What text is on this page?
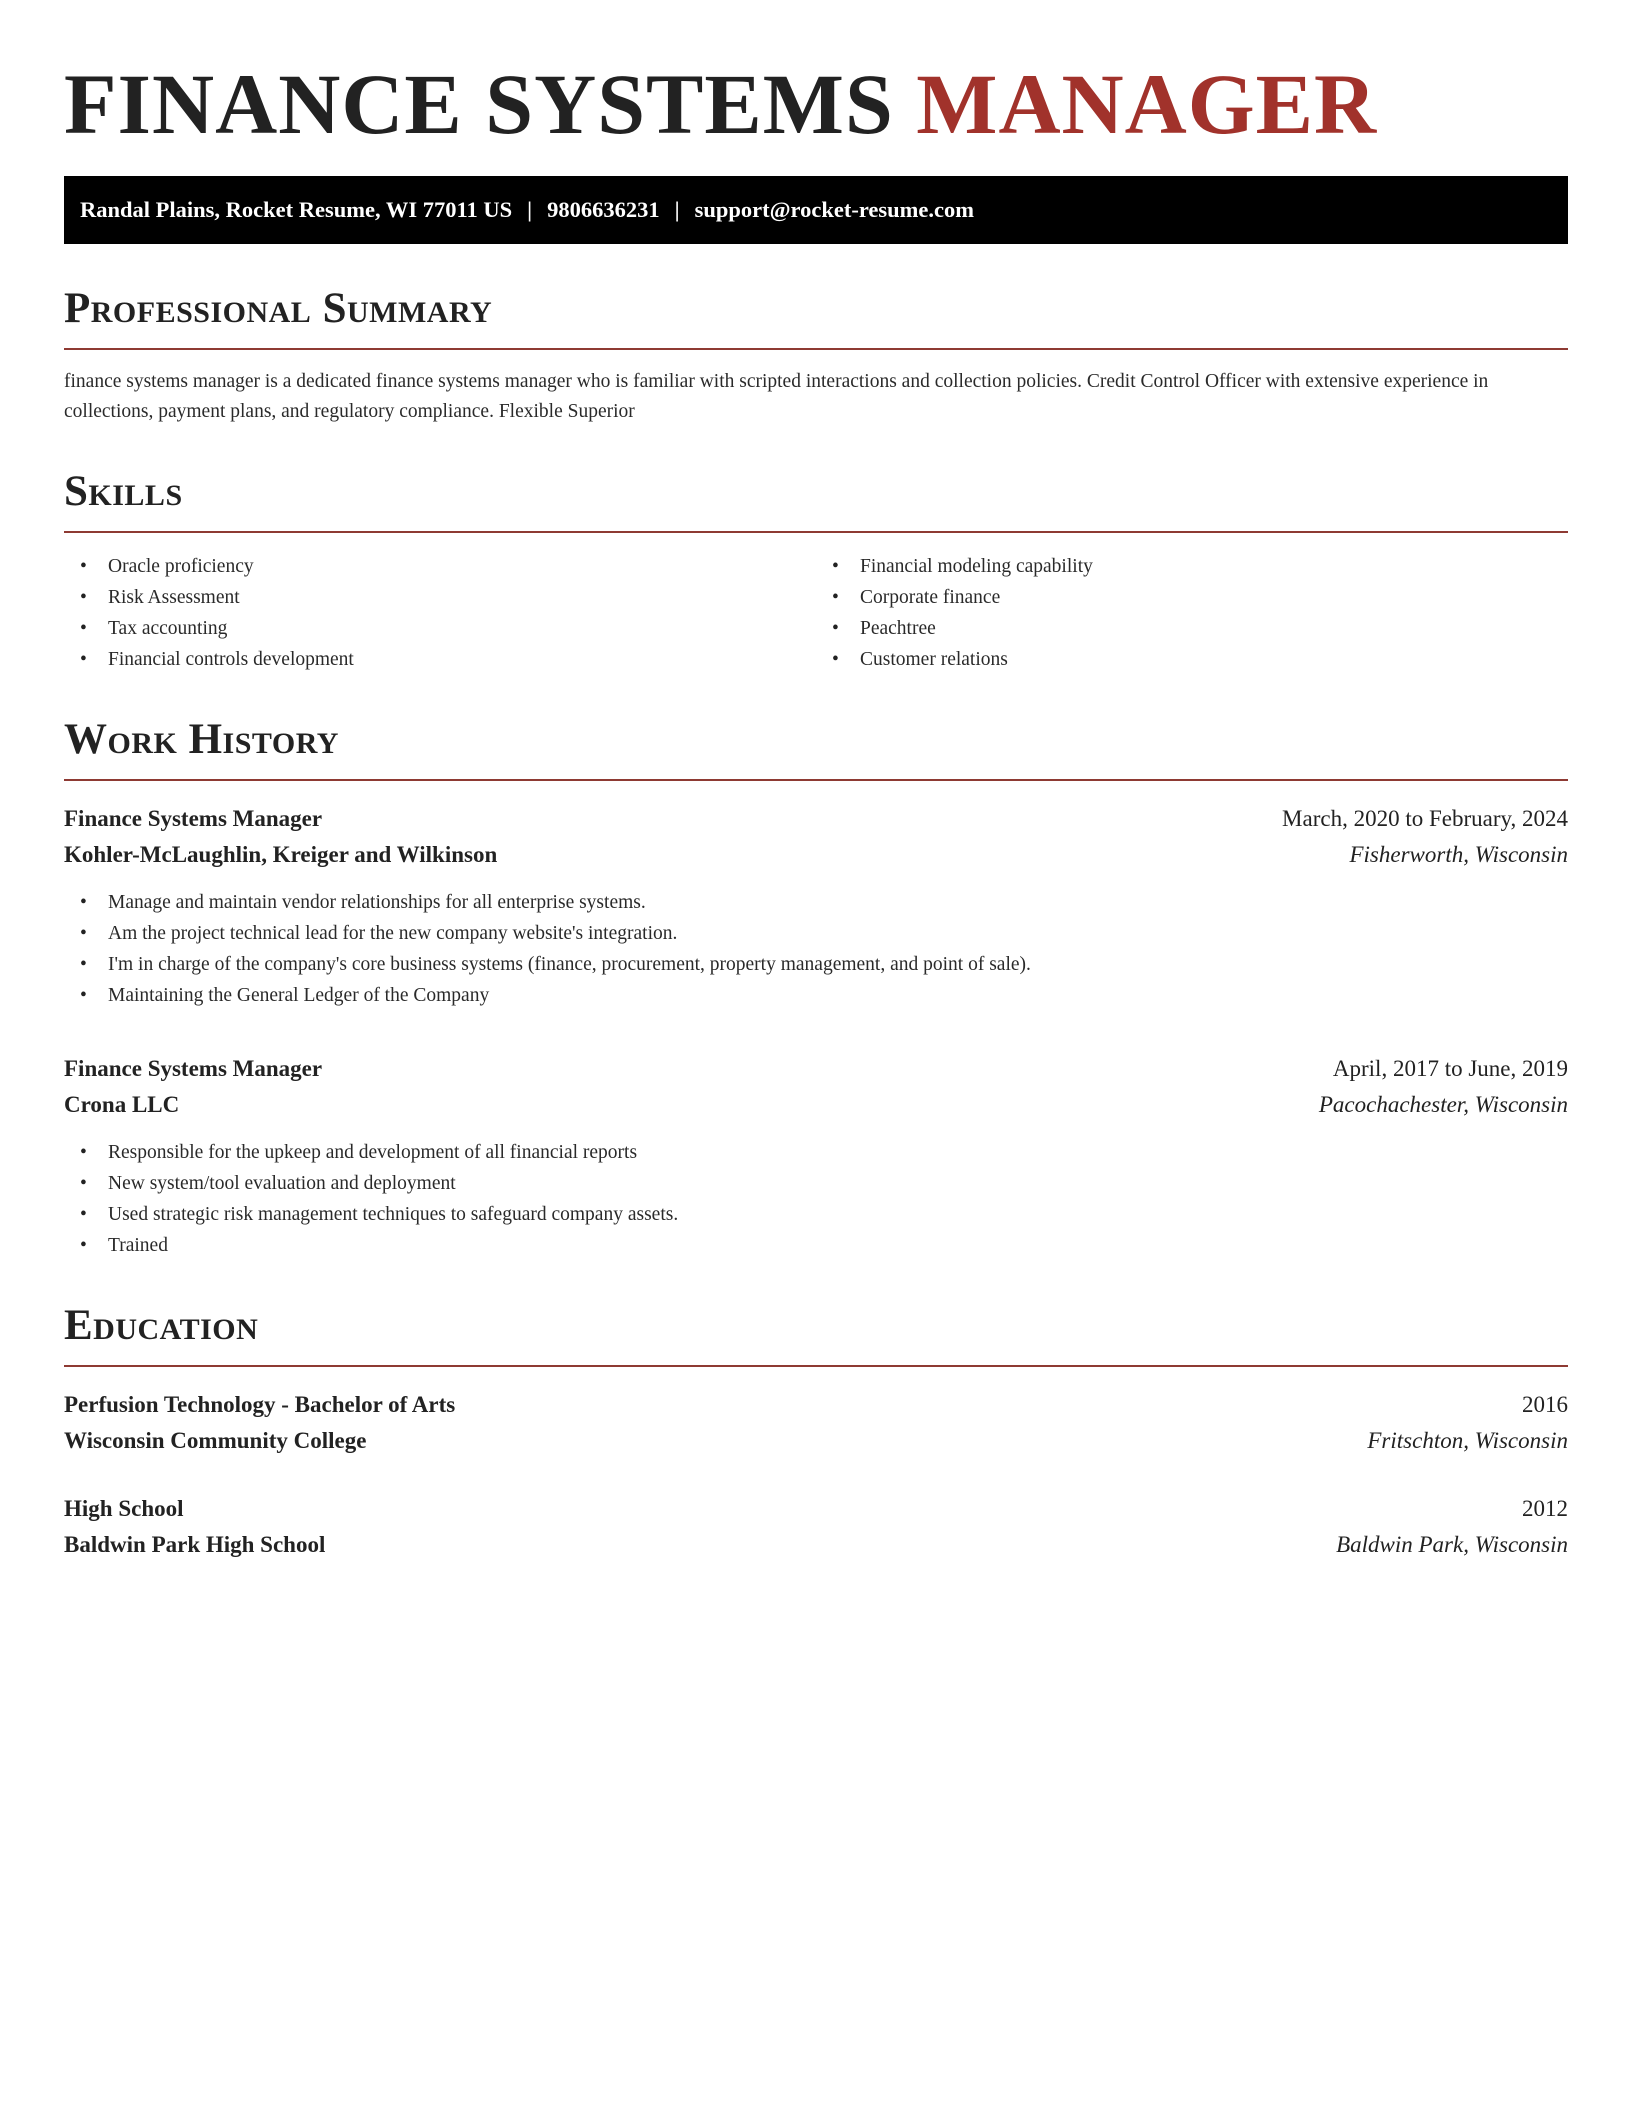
FINANCE SYSTEMS MANAGER
Randal Plains, Rocket Resume, WI 77011 US | 9806636231 | support@rocket-resume.com
Professional Summary

finance systems manager is a dedicated finance systems manager who is familiar with scripted interactions and collection policies. Credit Control Officer with extensive experience in collections, payment plans, and regulatory compliance. Flexible Superior

Skills
• Oracle proficiency
• Risk Assessment
• Tax accounting
• Financial controls development
• Financial modeling capability
• Corporate finance
• Peachtree
• Customer relations
Work History
Finance Systems Manager	March, 2020 to February, 2024
Kohler-McLaughlin, Kreiger and Wilkinson	Fisherworth, Wisconsin
• Manage and maintain vendor relationships for all enterprise systems.
• Am the project technical lead for the new company website's integration.
• I'm in charge of the company's core business systems (finance, procurement, property management, and point of sale).
• Maintaining the General Ledger of the Company
Finance Systems Manager	April, 2017 to June, 2019
Crona LLC	Pacochachester, Wisconsin
• Responsible for the upkeep and development of all financial reports
• New system/tool evaluation and deployment
• Used strategic risk management techniques to safeguard company assets.
• Trained
Education
Perfusion Technology - Bachelor of Arts	2016
Wisconsin Community College	Fritschton, Wisconsin
High School	2012
Baldwin Park High School	Baldwin Park, Wisconsin
